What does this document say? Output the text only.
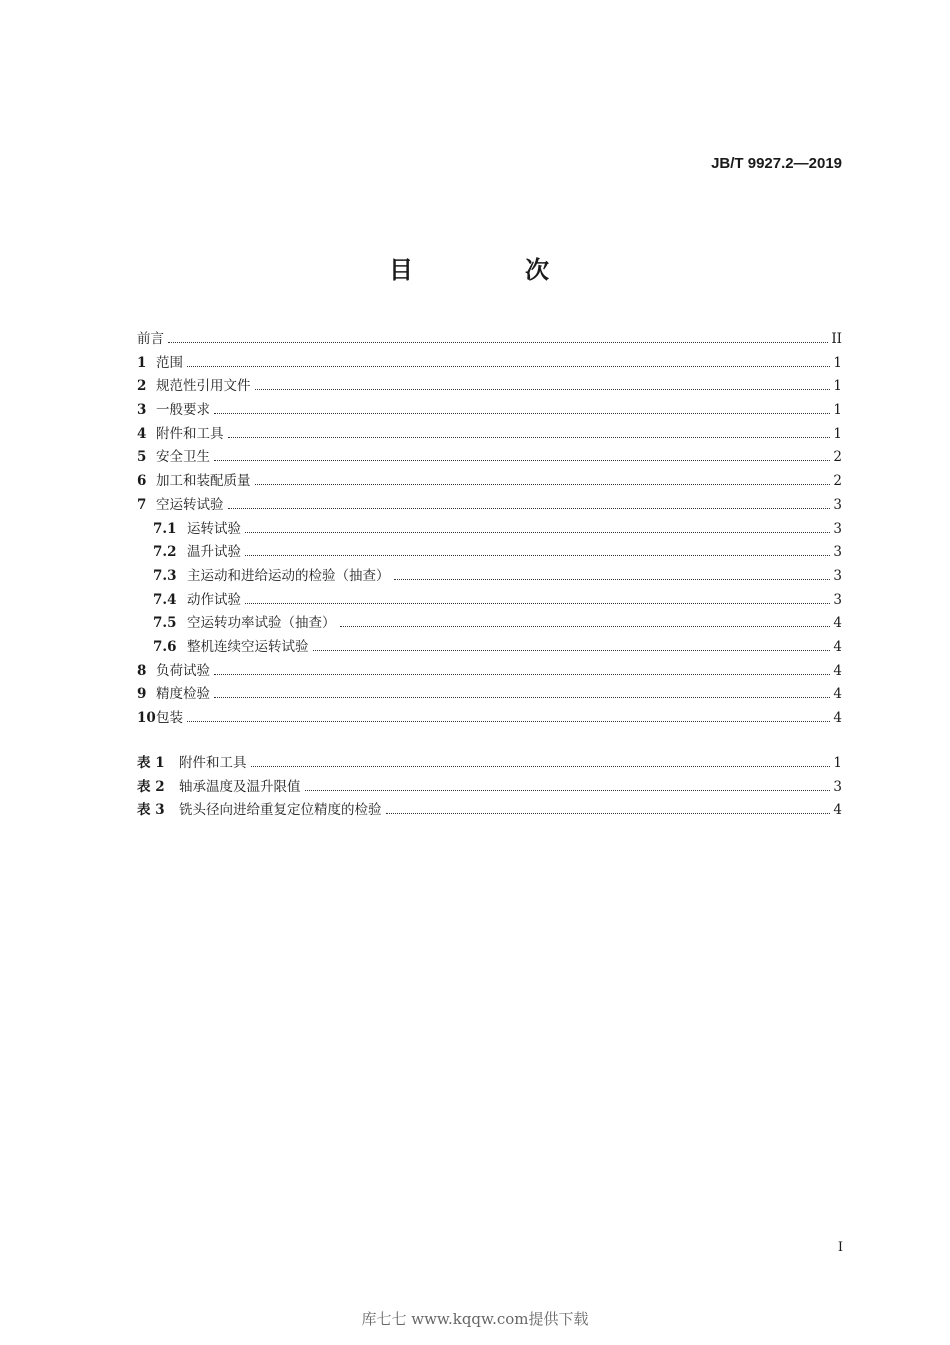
JB/T 9927.2—2019
目　次
前言	II
1 范围	1
2 规范性引用文件	1
3 一般要求	1
4 附件和工具	1
5 安全卫生	2
6 加工和装配质量	2
7 空运转试验	3
7.1 运转试验	3
7.2 温升试验	3
7.3 主运动和进给运动的检验（抽查）	3
7.4 动作试验	3
7.5 空运转功率试验（抽查）	4
7.6 整机连续空运转试验	4
8 负荷试验	4
9 精度检验	4
10 包装	4
表 1	附件和工具	1
表 2	轴承温度及温升限值	3
表 3	铣头径向进给重复定位精度的检验	4
I
库七七 www.kqqw.com提供下载
